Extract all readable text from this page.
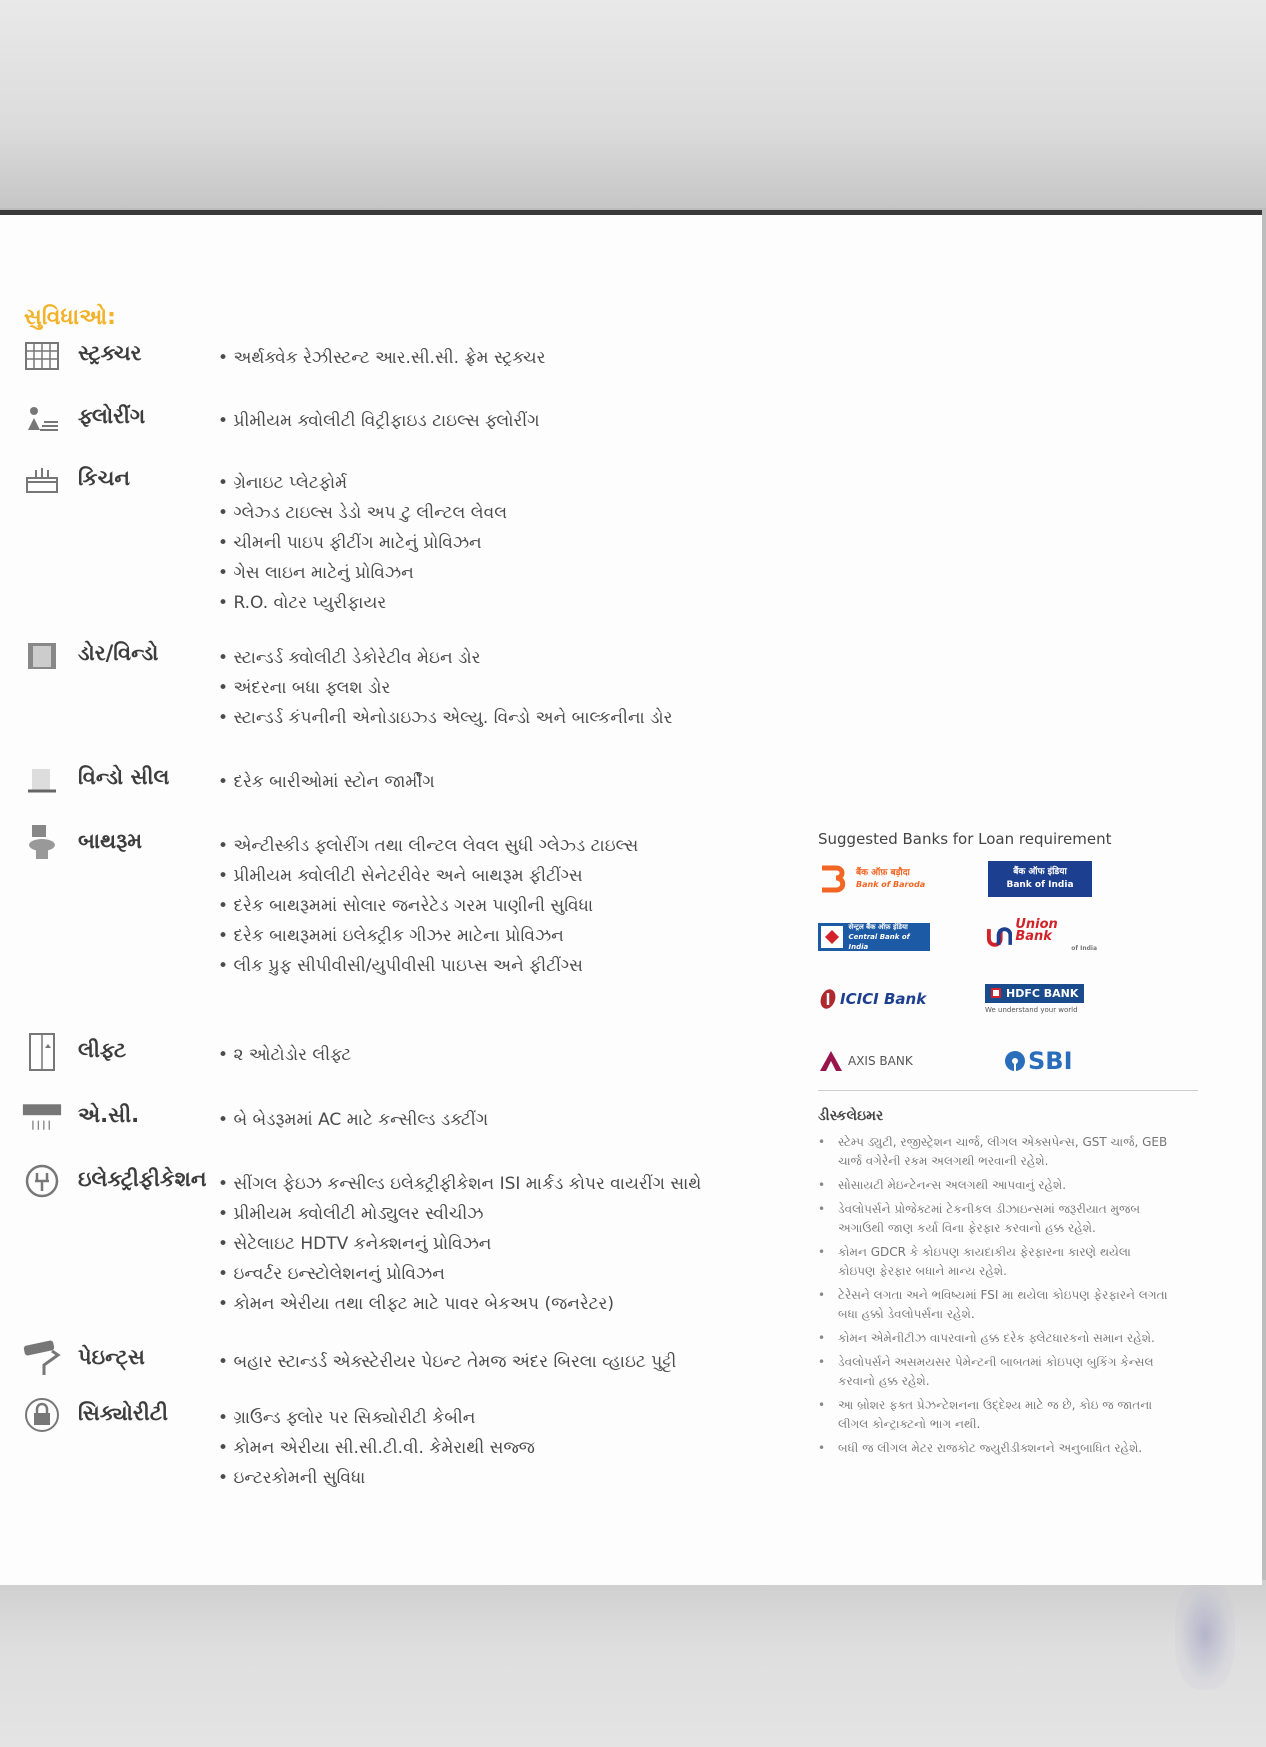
સુવિધાઓ:
સ્ટ્રક્ચર	• અર્થક્વેક રેઝીસ્ટન્ટ આર.સી.સી. ફ્રેમ સ્ટ્રક્ચર
ફ્લોરીંગ	• પ્રીમીયમ ક્વોલીટી વિટ્રીફાઇડ ટાઇલ્સ ફ્લોરીંગ
કિચન	• ગ્રેનાઇટ પ્લેટફોર્મ
• ગ્લેઝ્ડ ટાઇલ્સ ડેડો અપ ટુ લીન્ટલ લેવલ
• ચીમની પાઇપ ફીટીંગ માટેનું પ્રોવિઝન
• ગેસ લાઇન માટેનું પ્રોવિઝન
• R.O. વોટર પ્યુરીફાયર
ડોર/વિન્ડો	• સ્ટાન્ડર્ડ ક્વોલીટી ડેકોરેટીવ મેઇન ડોર
• અંદરના બધા ફ્લશ ડોર
• સ્ટાન્ડર્ડ કંપનીની એનોડાઇઝ્ડ એલ્યુ. વિન્ડો અને બાલ્કનીના ડોર
વિન્ડો સીલ	• દરેક બારીઓમાં સ્ટોન જાર્મીંગ
બાથરૂમ	• એન્ટીસ્કીડ ફ્લોરીંગ તથા લીન્ટલ લેવલ સુધી ગ્લેઝ્ડ ટાઇલ્સ
• પ્રીમીયમ ક્વોલીટી સેનેટરીવેર અને બાથરૂમ ફીટીંગ્સ
• દરેક બાથરૂમમાં સોલાર જનરેટેડ ગરમ પાણીની સુવિધા
• દરેક બાથરૂમમાં ઇલેક્ટ્રીક ગીઝર માટેના પ્રોવિઝન
• લીક પ્રુફ સીપીવીસી/યુપીવીસી પાઇપ્સ અને ફીટીંગ્સ
લીફ્ટ	• ૨ ઓટોડોર લીફ્ટ
એ.સી.	• બે બેડરૂમમાં AC માટે કન્સીલ્ડ ડક્ટીંગ
ઇલેક્ટ્રીફીકેશન	• સીંગલ ફેઇઝ કન્સીલ્ડ ઇલેક્ટ્રીફીકેશન ISI માર્કડ કોપર વાયરીંગ સાથે
• પ્રીમીયમ ક્વોલીટી મોડ્યુલર સ્વીચીઝ
• સેટેલાઇટ HDTV કનેક્શનનું પ્રોવિઝન
• ઇન્વર્ટર ઇન્સ્ટોલેશનનું પ્રોવિઝન
• કોમન એરીયા તથા લીફ્ટ માટે પાવર બેકઅપ (જનરેટર)
પેઇન્ટ્સ	• બહાર સ્ટાન્ડર્ડ એક્સ્ટેરીયર પેઇન્ટ તેમજ અંદર બિરલા વ્હાઇટ પુટ્ટી
સિક્યોરીટી	• ગ્રાઉન્ડ ફ્લોર પર સિક્યોરીટી કેબીન
• કોમન એરીયા સી.સી.ટી.વી. કેમેરાથી સજ્જ
• ઇન્ટરકોમની સુવિધા
Suggested Banks for Loan requirement
बैंक ऑफ़ बड़ौदा
Bank of Baroda
बैंक ऑफ इंडिया
Bank of India
सेन्ट्रल बैंक ऑफ़ इंडिया
Central Bank of India
Union Bank
of India
ICICI Bank	HDFC BANK
We understand your world
AXIS BANK	SBI
ડીસ્કલેઇમર
• સ્ટેમ્પ ડ્યુટી, રજીસ્ટ્રેશન ચાર્જ, લીગલ એક્સપેન્સ, GST ચાર્જ, GEB ચાર્જ વગેરેની રકમ અલગથી ભરવાની રહેશે.
• સોસાયટી મેઇન્ટેનન્સ અલગથી આપવાનું રહેશે.
• ડેવલોપર્સને પ્રોજેક્ટમાં ટેકનીકલ ડીઝાઇન્સમાં જરૂરીયાત મુજબ અગાઉથી જાણ કર્યા વિના ફેરફાર કરવાનો હક્ક રહેશે.
• કોમન GDCR કે કોઇપણ કાયદાકીય ફેરફારના કારણે થયેલા કોઇપણ ફેરફાર બધાને માન્ય રહેશે.
• ટેરેસને લગતા અને ભવિષ્યમાં FSI મા થયેલા કોઇપણ ફેરફારને લગતા બધા હક્કો ડેવલોપર્સના રહેશે.
• કોમન એમેનીટીઝ વાપરવાનો હક્ક દરેક ફ્લેટધારકનો સમાન રહેશે.
• ડેવલોપર્સને અસમયસર પેમેન્ટની બાબતમાં કોઇપણ બુકિંગ કેન્સલ કરવાનો હક્ક રહેશે.
• આ બ્રોશર ફક્ત પ્રેઝન્ટેશનના ઉદ્દેશ્ય માટે જ છે, કોઇ જ જાતના લીગલ કોન્ટ્રાક્ટનો ભાગ નથી.
• બધી જ લીગલ મેટર રાજકોટ જ્યુરીડીક્શનને અનુબાધિત રહેશે.
